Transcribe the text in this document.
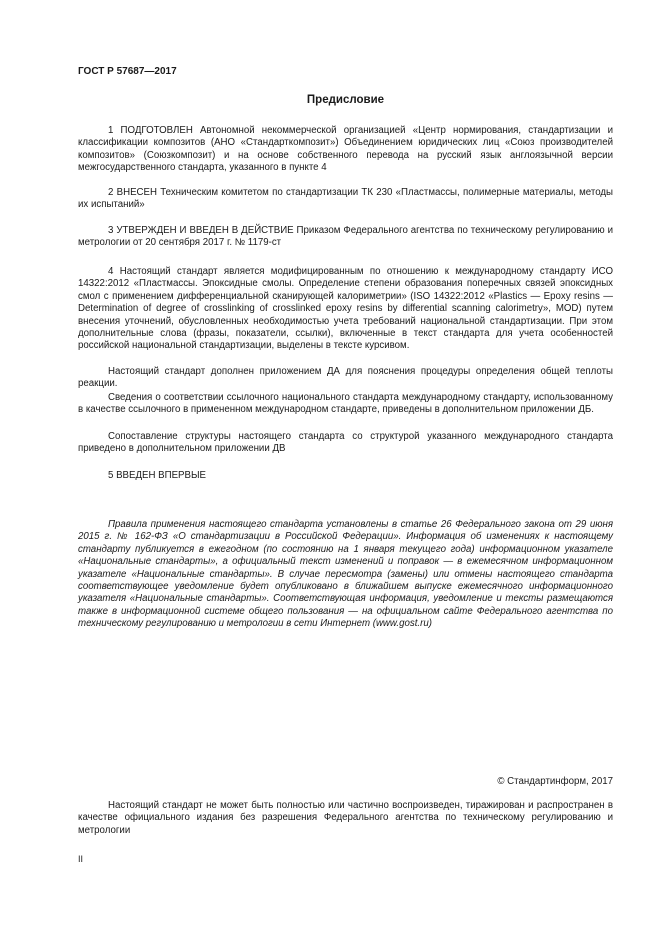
ГОСТ Р 57687—2017
Предисловие

1 ПОДГОТОВЛЕН Автономной некоммерческой организацией «Центр нормирования, стандартизации и классификации композитов (АНО «Стандарткомпозит») Объединением юридических лиц «Союз производителей композитов» (Союзкомпозит) и на основе собственного перевода на русский язык англоязычной версии межгосударственного стандарта, указанного в пункте 4

2 ВНЕСЕН Техническим комитетом по стандартизации ТК 230 «Пластмассы, полимерные материалы, методы их испытаний»

3 УТВЕРЖДЕН И ВВЕДЕН В ДЕЙСТВИЕ Приказом Федерального агентства по техническому регулированию и метрологии от 20 сентября 2017 г. № 1179-ст

4 Настоящий стандарт является модифицированным по отношению к международному стандарту ИСО 14322:2012 «Пластмассы. Эпоксидные смолы. Определение степени образования поперечных связей эпоксидных смол с применением дифференциальной сканирующей калориметрии» (ISO 14322:2012 «Plastics — Epoxy resins — Determination of degree of crosslinking of crosslinked epoxy resins by differential scanning calorimetry», MOD) путем внесения уточнений, обусловленных необходимостью учета требований национальной стандартизации. При этом дополнительные слова (фразы, показатели, ссылки), включенные в текст стандарта для учета особенностей российской национальной стандартизации, выделены в тексте курсивом.

Настоящий стандарт дополнен приложением ДА для пояснения процедуры определения общей теплоты реакции.

Сведения о соответствии ссылочного национального стандарта международному стандарту, использованному в качестве ссылочного в примененном международном стандарте, приведены в дополнительном приложении ДБ.

Сопоставление структуры настоящего стандарта со структурой указанного международного стандарта приведено в дополнительном приложении ДВ

5 ВВЕДЕН ВПЕРВЫЕ

Правила применения настоящего стандарта установлены в статье 26 Федерального закона от 29 июня 2015 г. № 162-ФЗ «О стандартизации в Российской Федерации». Информация об изменениях к настоящему стандарту публикуется в ежегодном (по состоянию на 1 января текущего года) информационном указателе «Национальные стандарты», а официальный текст изменений и поправок — в ежемесячном информационном указателе «Национальные стандарты». В случае пересмотра (замены) или отмены настоящего стандарта соответствующее уведомление будет опубликовано в ближайшем выпуске ежемесячного информационного указателя «Национальные стандарты». Соответствующая информация, уведомление и тексты размещаются также в информационной системе общего пользования — на официальном сайте Федерального агентства по техническому регулированию и метрологии в сети Интернет (www.gost.ru)

© Стандартинформ, 2017

Настоящий стандарт не может быть полностью или частично воспроизведен, тиражирован и распространен в качестве официального издания без разрешения Федерального агентства по техническому регулированию и метрологии

II
